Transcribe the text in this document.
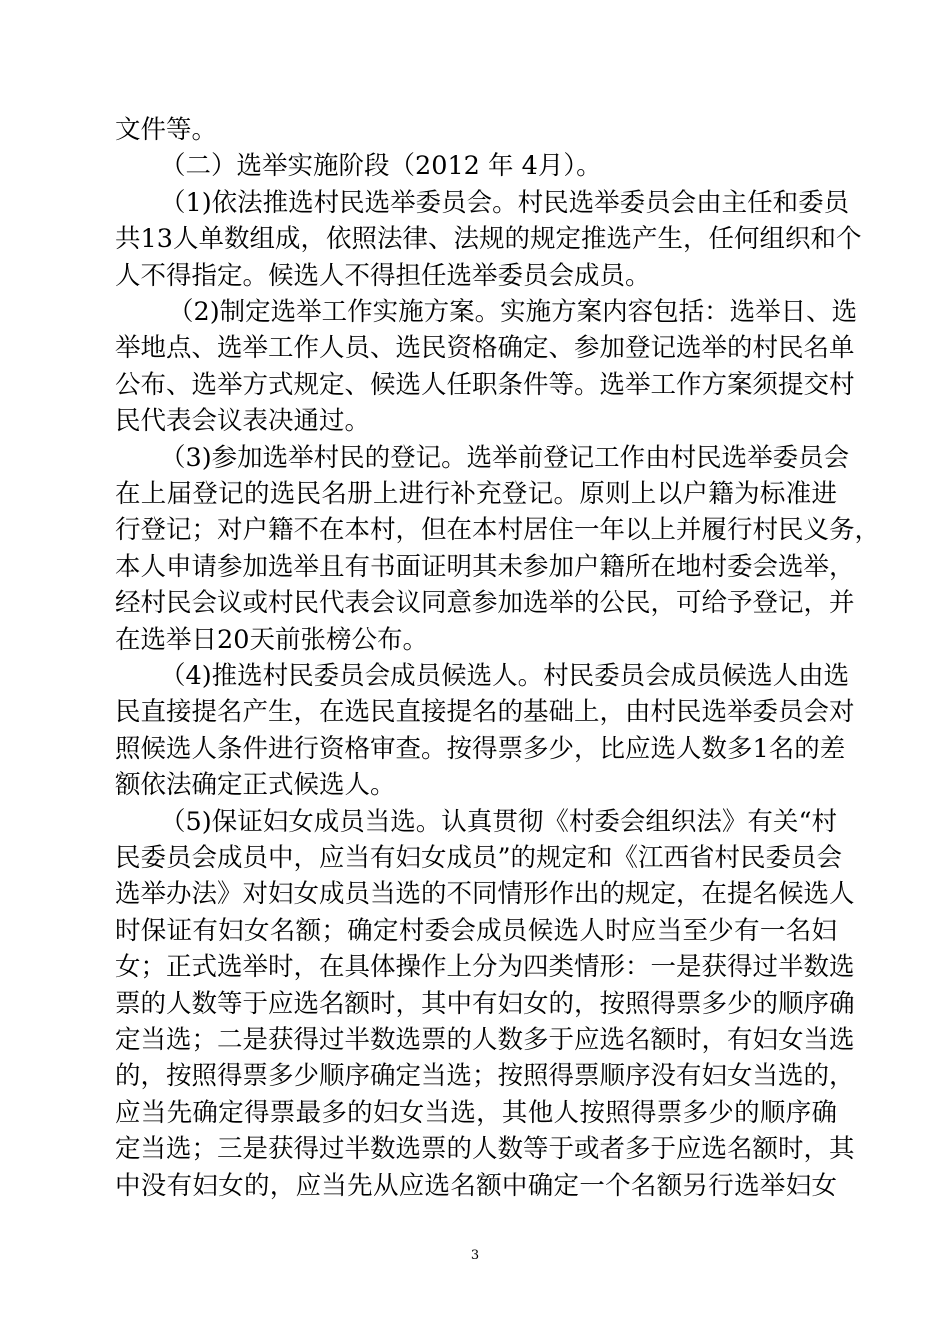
文件等。
（二）选举实施阶段（2012 年 4月）。
（1)依法推选村民选举委员会。村民选举委员会由主任和委员
共13人单数组成，依照法律、法规的规定推选产生，任何组织和个
人不得指定。候选人不得担任选举委员会成员。
（2)制定选举工作实施方案。实施方案内容包括：选举日、选
举地点、选举工作人员、选民资格确定、参加登记选举的村民名单
公布、选举方式规定、候选人任职条件等。选举工作方案须提交村
民代表会议表决通过。
（3)参加选举村民的登记。选举前登记工作由村民选举委员会
在上届登记的选民名册上进行补充登记。原则上以户籍为标准进
行登记；对户籍不在本村，但在本村居住一年以上并履行村民义务，
本人申请参加选举且有书面证明其未参加户籍所在地村委会选举，
经村民会议或村民代表会议同意参加选举的公民，可给予登记，并
在选举日20天前张榜公布。
（4)推选村民委员会成员候选人。村民委员会成员候选人由选
民直接提名产生，在选民直接提名的基础上，由村民选举委员会对
照候选人条件进行资格审查。按得票多少，比应选人数多1名的差
额依法确定正式候选人。
（5)保证妇女成员当选。认真贯彻《村委会组织法》有关“村
民委员会成员中，应当有妇女成员”的规定和《江西省村民委员会
选举办法》对妇女成员当选的不同情形作出的规定，在提名候选人
时保证有妇女名额；确定村委会成员候选人时应当至少有一名妇
女；正式选举时，在具体操作上分为四类情形：一是获得过半数选
票的人数等于应选名额时，其中有妇女的，按照得票多少的顺序确
定当选；二是获得过半数选票的人数多于应选名额时，有妇女当选
的，按照得票多少顺序确定当选；按照得票顺序没有妇女当选的，
应当先确定得票最多的妇女当选，其他人按照得票多少的顺序确
定当选；三是获得过半数选票的人数等于或者多于应选名额时，其
3
中没有妇女的，应当先从应选名额中确定一个名额另行选举妇女
